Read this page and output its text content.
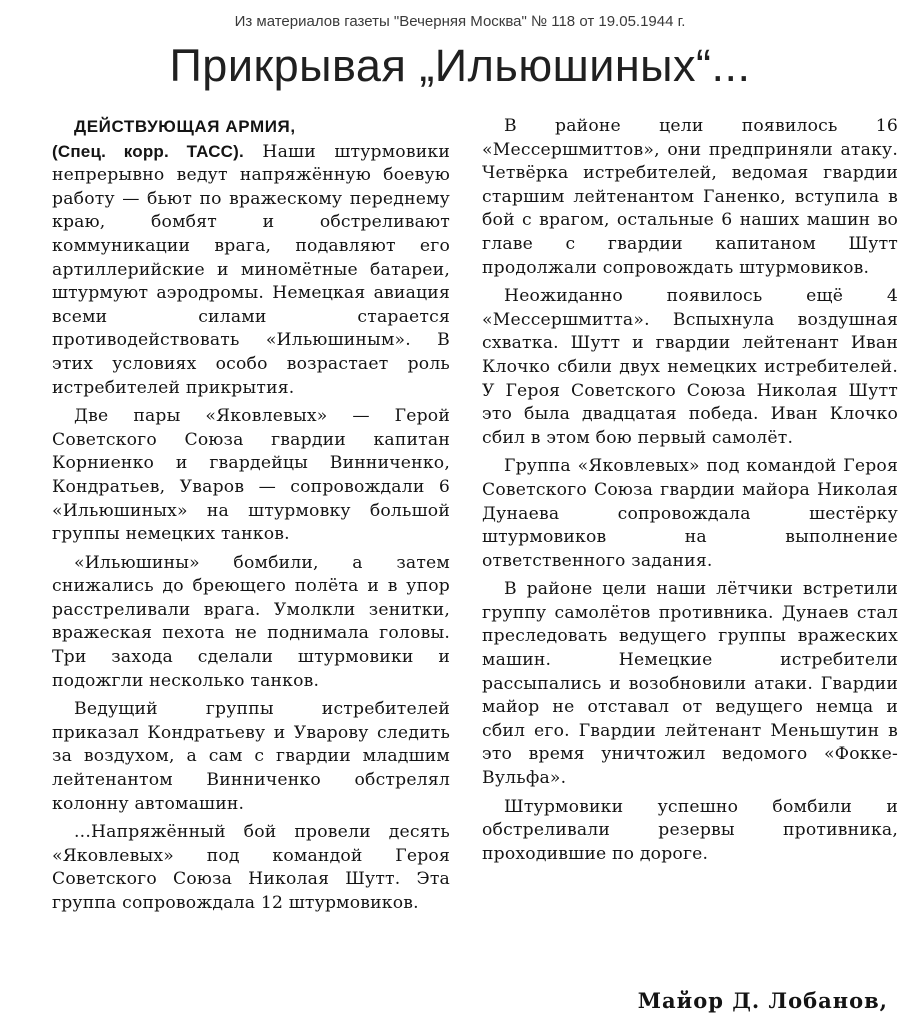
Из материалов газеты "Вечерняя Москва" № 118 от 19.05.1944 г.
Прикрывая „Ильюшиных“...

ДЕЙСТВУЮЩАЯ АРМИЯ,
(Спец. корр. ТАСС). Наши штурмовики непрерывно ведут напряжённую боевую работу — бьют по вражескому переднему краю, бомбят и обстреливают коммуникации врага, подавляют его артиллерийские и миномётные батареи, штурмуют аэродромы. Немецкая авиация всеми силами старается противодействовать «Ильюшиным». В этих условиях особо возрастает роль истребителей прикрытия.

Две пары «Яковлевых» — Герой Советского Союза гвардии капитан Корниенко и гвардейцы Винниченко, Кондратьев, Уваров — сопровождали 6 «Ильюшиных» на штурмовку большой группы немецких танков.

«Ильюшины» бомбили, а затем снижались до бреющего полёта и в упор расстреливали врага. Умолкли зенитки, вражеская пехота не поднимала головы. Три захода сделали штурмовики и подожгли несколько танков.

Ведущий группы истребителей приказал Кондратьеву и Уварову следить за воздухом, а сам с гвардии младшим лейтенантом Винниченко обстрелял колонну автомашин.

...Напряжённый бой провели десять «Яковлевых» под командой Героя Советского Союза Николая Шутт. Эта группа сопровождала 12 штурмовиков.

В районе цели появилось 16 «Мессершмиттов», они предприняли атаку. Четвёрка истребителей, ведомая гвардии старшим лейтенантом Ганенко, вступила в бой с врагом, остальные 6 наших машин во главе с гвардии капитаном Шутт продолжали сопровождать штурмовиков.

Неожиданно появилось ещё 4 «Мессершмитта». Вспыхнула воздушная схватка. Шутт и гвардии лейтенант Иван Клочко сбили двух немецких истребителей. У Героя Советского Союза Николая Шутт это была двадцатая победа. Иван Клочко сбил в этом бою первый самолёт.

Группа «Яковлевых» под командой Героя Советского Союза гвардии майора Николая Дунаева сопровождала шестёрку штурмовиков на выполнение ответственного задания.

В районе цели наши лётчики встретили группу самолётов противника. Дунаев стал преследовать ведущего группы вражеских машин. Немецкие истребители рассыпались и возобновили атаки. Гвардии майор не отставал от ведущего немца и сбил его. Гвардии лейтенант Меньшутин в это время уничтожил ведомого «Фокке-Вульфа».

Штурмовики успешно бомбили и обстреливали резервы противника, проходившие по дороге.

Майор Д. Лобанов,
